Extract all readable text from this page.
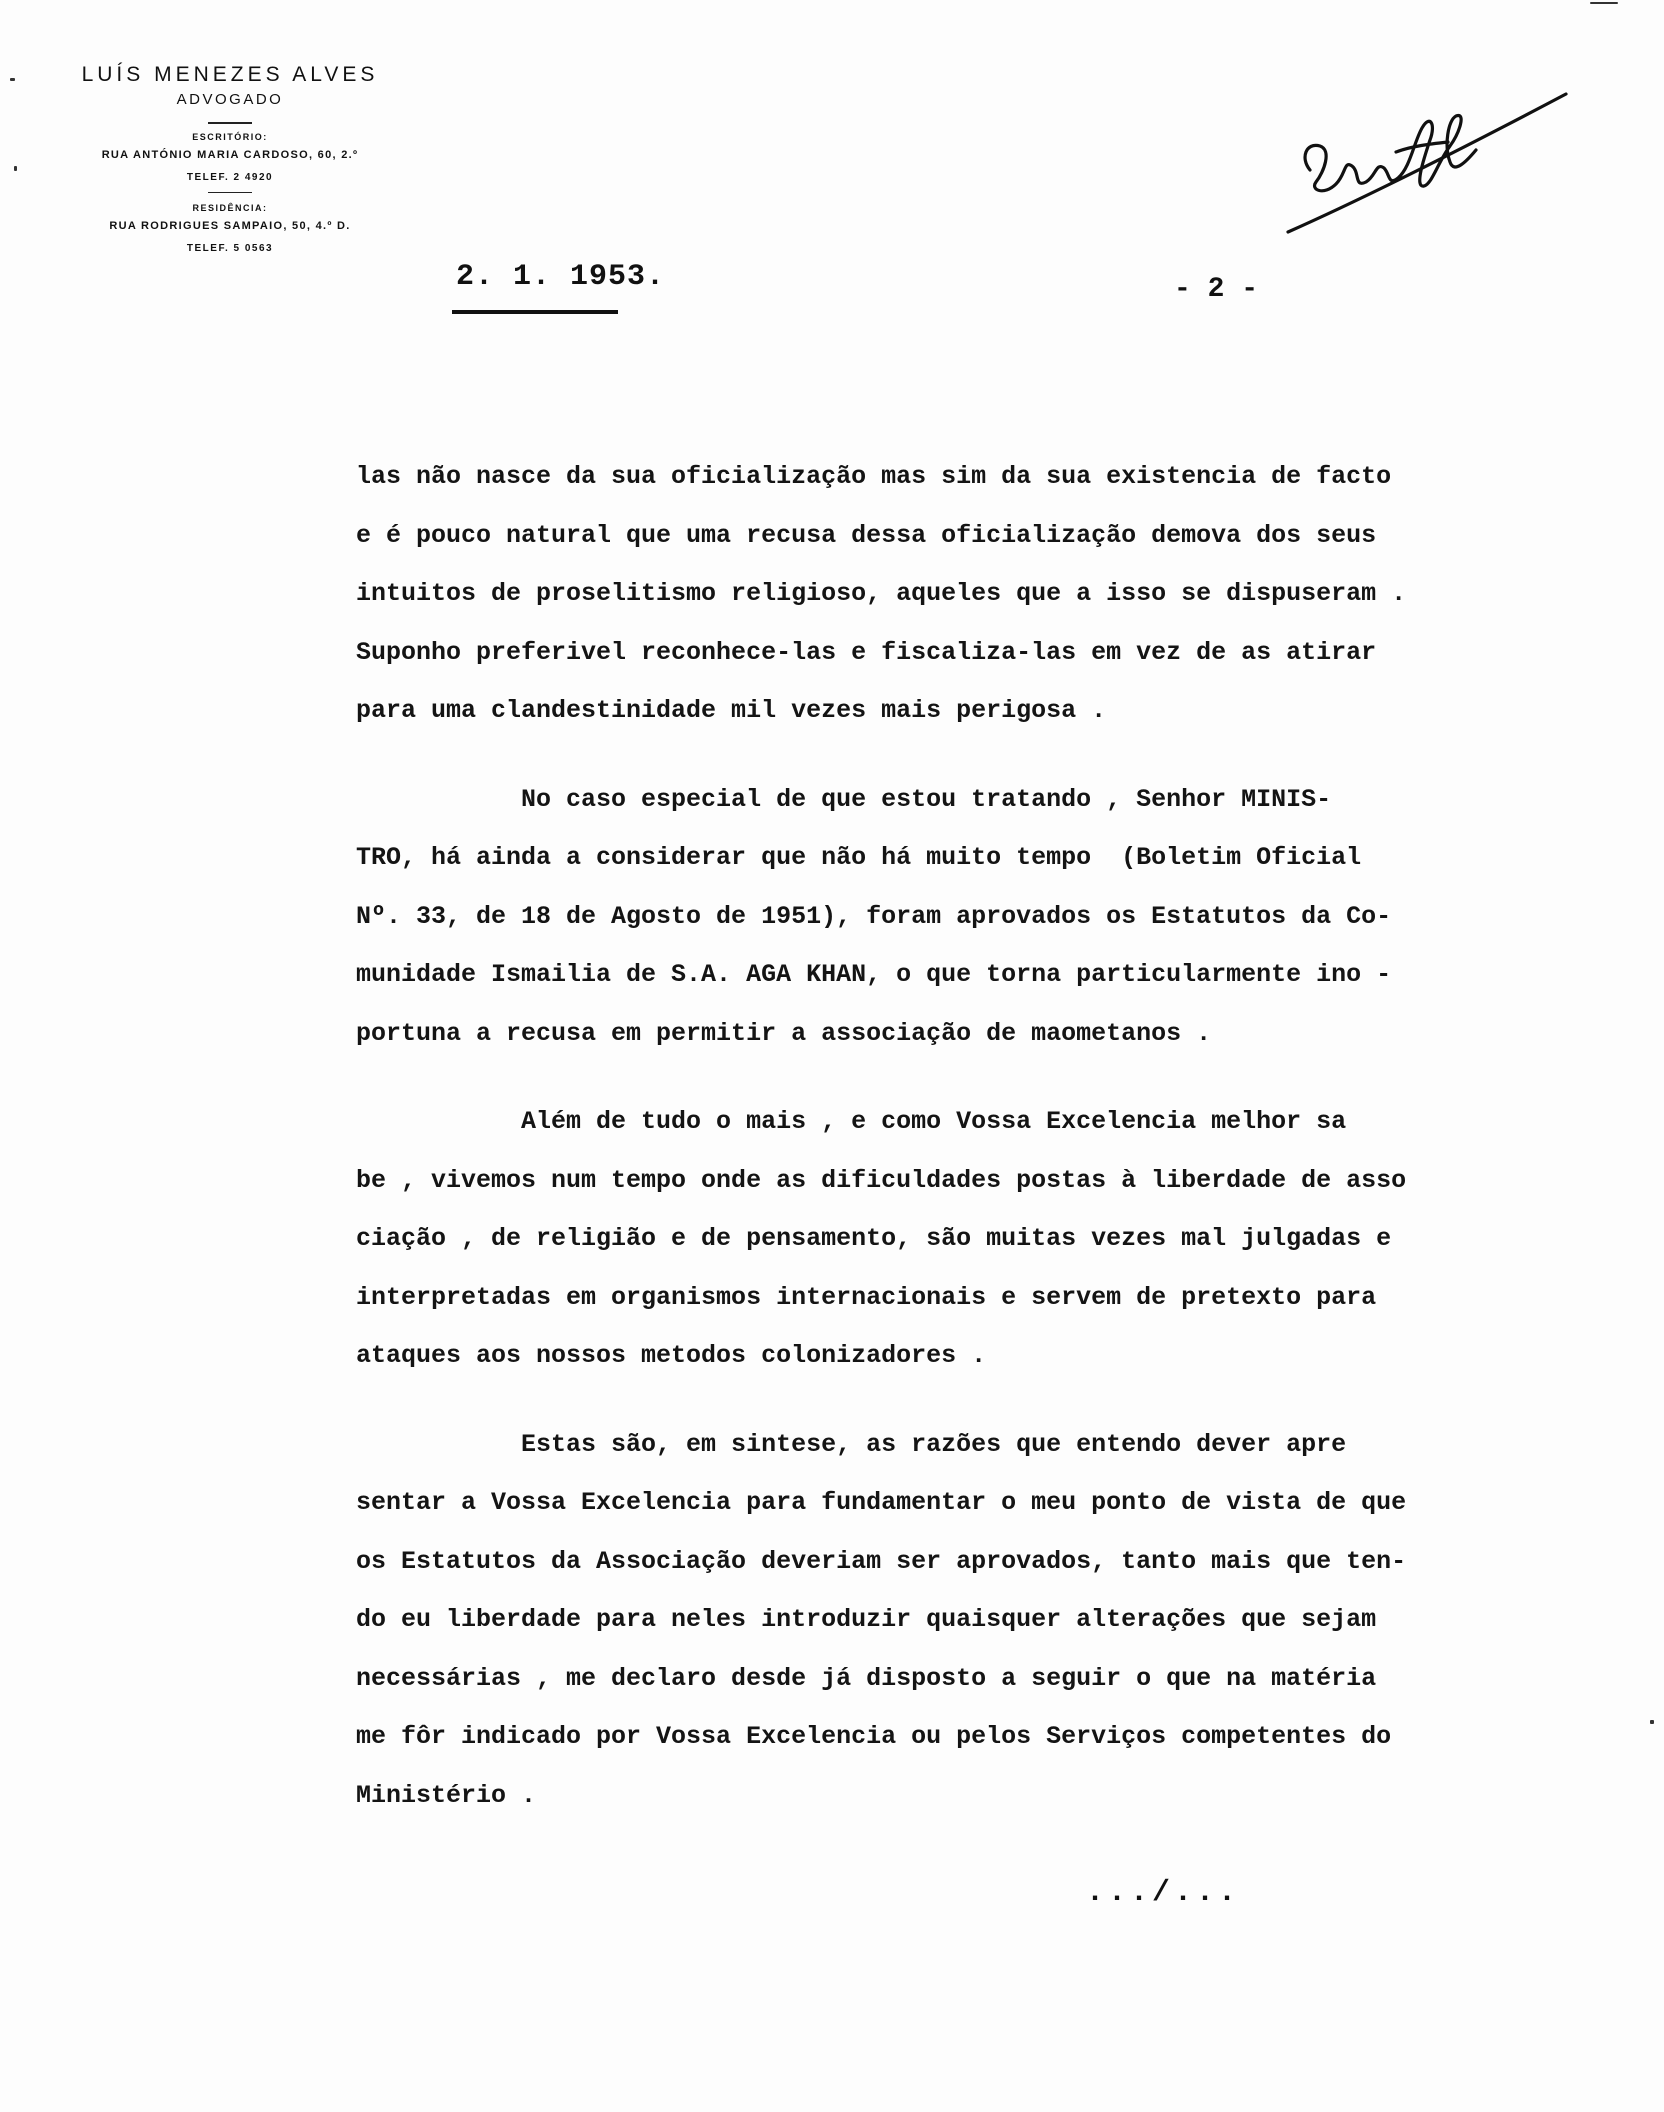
LUÍS MENEZES ALVES

ADVOGADO

ESCRITÓRIO:

RUA ANTÓNIO MARIA CARDOSO, 60, 2.º

TELEF. 2 4920

RESIDÊNCIA:

RUA RODRIGUES SAMPAIO, 50, 4.º D.

TELEF. 5 0563

2. 1. 1953.	- 2 -
las não nasce da sua oficialização mas sim da sua existencia de facto
e é pouco natural que uma recusa dessa oficialização demova dos seus
intuitos de proselitismo religioso, aqueles que a isso se dispuseram .
Suponho preferivel reconhece-las e fiscaliza-las em vez de as atirar
para uma clandestinidade mil vezes mais perigosa .
No caso especial de que estou tratando , Senhor MINIS-
TRO, há ainda a considerar que não há muito tempo  (Boletim Oficial
Nº. 33, de 18 de Agosto de 1951), foram aprovados os Estatutos da Co-
munidade Ismailia de S.A. AGA KHAN, o que torna particularmente ino -
portuna a recusa em permitir a associação de maometanos .
Além de tudo o mais , e como Vossa Excelencia melhor sa
be , vivemos num tempo onde as dificuldades postas à liberdade de asso
ciação , de religião e de pensamento, são muitas vezes mal julgadas e
interpretadas em organismos internacionais e servem de pretexto para
ataques aos nossos metodos colonizadores .
Estas são, em sintese, as razões que entendo dever apre
sentar a Vossa Excelencia para fundamentar o meu ponto de vista de que
os Estatutos da Associação deveriam ser aprovados, tanto mais que ten-
do eu liberdade para neles introduzir quaisquer alterações que sejam
necessárias , me declaro desde já disposto a seguir o que na matéria
me fôr indicado por Vossa Excelencia ou pelos Serviços competentes do
Ministério .
.../...
